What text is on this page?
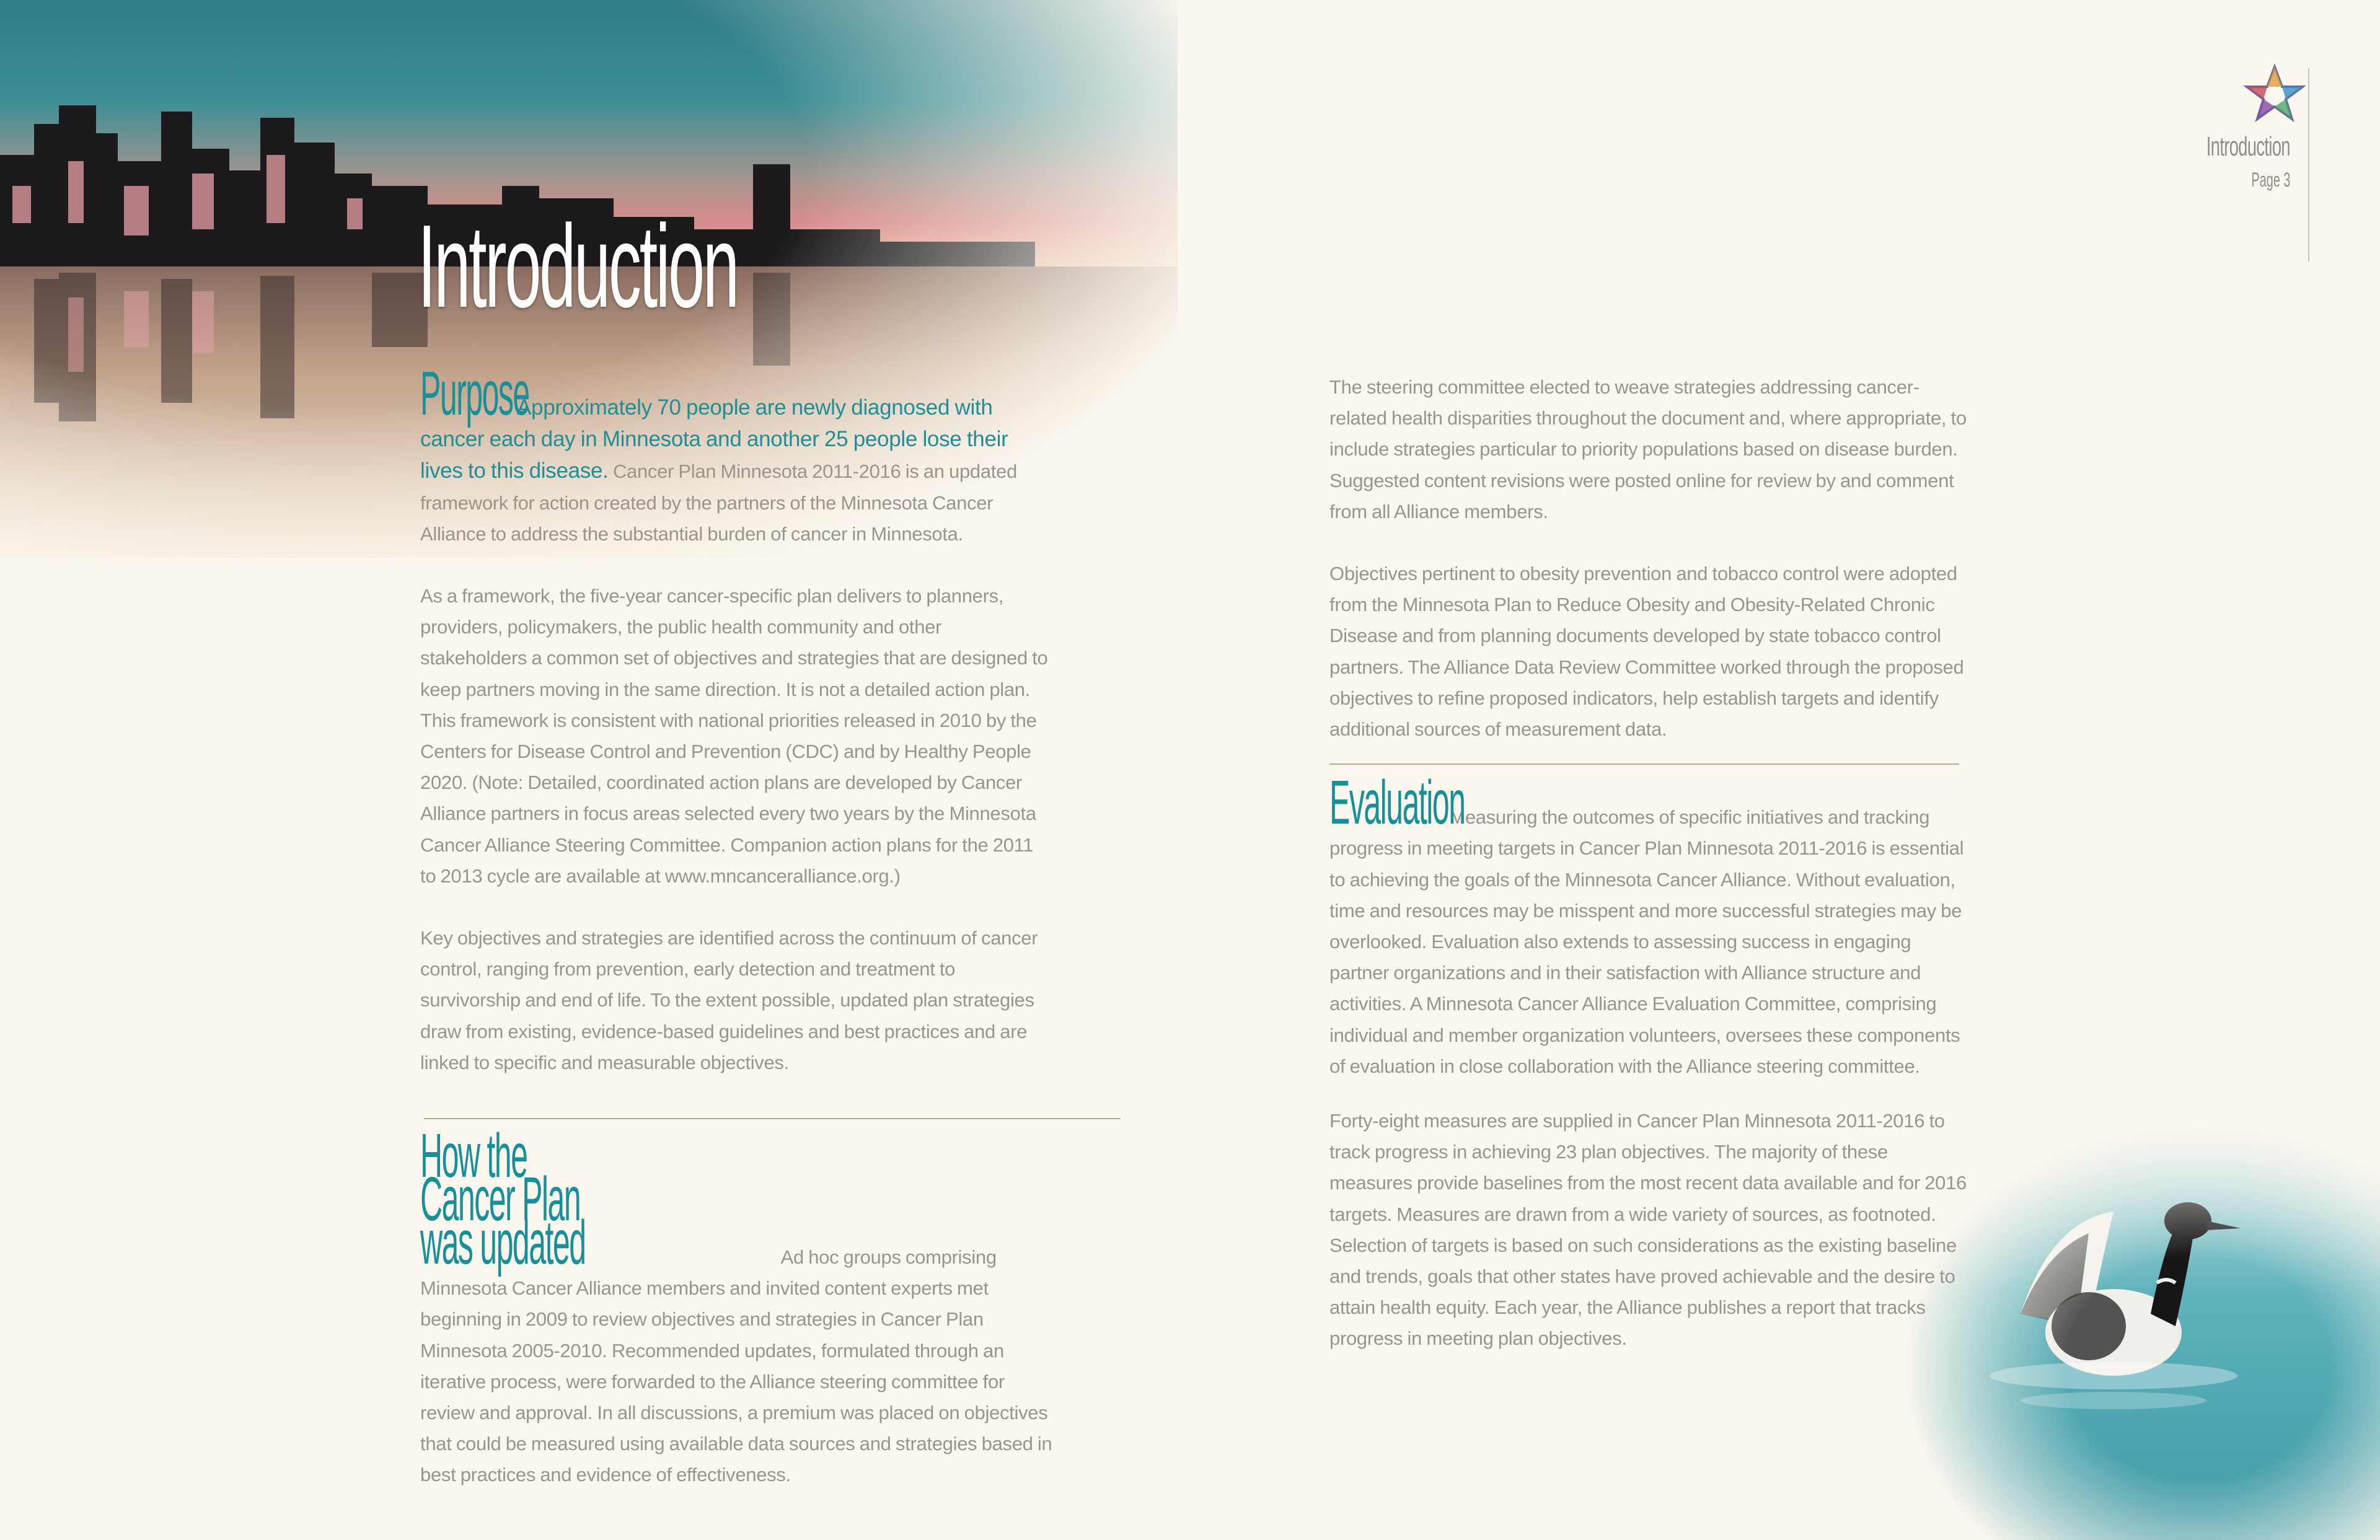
Introduction
Page 3
Introduction

PurposeApproximately 70 people are newly diagnosed with cancer each day in Minnesota and another 25 people lose their lives to this disease. Cancer Plan Minnesota 2011-2016 is an updated framework for action created by the partners of the Minnesota Cancer Alliance to address the substantial burden of cancer in Minnesota.

As a framework, the five-year cancer-specific plan delivers to planners, providers, policymakers, the public health community and other stakeholders a common set of objectives and strategies that are designed to keep partners moving in the same direction. It is not a detailed action plan. This framework is consistent with national priorities released in 2010 by the Centers for Disease Control and Prevention (CDC) and by Healthy People 2020. (Note: Detailed, coordinated action plans are developed by Cancer Alliance partners in focus areas selected every two years by the Minnesota Cancer Alliance Steering Committee. Companion action plans for the 2011 to 2013 cycle are available at www.mncanceralliance.org.)

Key objectives and strategies are identified across the continuum of cancer control, ranging from prevention, early detection and treatment to survivorship and end of life. To the extent possible, updated plan strategies draw from existing, evidence-based guidelines and best practices and are linked to specific and measurable objectives.

How the Cancer Plan was updated	Ad hoc groups comprising Minnesota Cancer Alliance members and invited content experts met beginning in 2009 to review objectives and strategies in Cancer Plan Minnesota 2005-2010. Recommended updates, formulated through an iterative process, were forwarded to the Alliance steering committee for review and approval. In all discussions, a premium was placed on objectives that could be measured using available data sources and strategies based in best practices and evidence of effectiveness.

The steering committee elected to weave strategies addressing cancer-related health disparities throughout the document and, where appropriate, to include strategies particular to priority populations based on disease burden. Suggested content revisions were posted online for review by and comment from all Alliance members.

Objectives pertinent to obesity prevention and tobacco control were adopted from the Minnesota Plan to Reduce Obesity and Obesity-Related Chronic Disease and from planning documents developed by state tobacco control partners. The Alliance Data Review Committee worked through the proposed objectives to refine proposed indicators, help establish targets and identify additional sources of measurement data.

Evaluation Measuring the outcomes of specific initiatives and tracking progress in meeting targets in Cancer Plan Minnesota 2011-2016 is essential to achieving the goals of the Minnesota Cancer Alliance. Without evaluation, time and resources may be misspent and more successful strategies may be overlooked. Evaluation also extends to assessing success in engaging partner organizations and in their satisfaction with Alliance structure and activities. A Minnesota Cancer Alliance Evaluation Committee, comprising individual and member organization volunteers, oversees these components of evaluation in close collaboration with the Alliance steering committee.

Forty-eight measures are supplied in Cancer Plan Minnesota 2011-2016 to track progress in achieving 23 plan objectives. The majority of these measures provide baselines from the most recent data available and for 2016 targets. Measures are drawn from a wide variety of sources, as footnoted. Selection of targets is based on such considerations as the existing baseline and trends, goals that other states have proved achievable and the desire to attain health equity. Each year, the Alliance publishes a report that tracks progress in meeting plan objectives.
